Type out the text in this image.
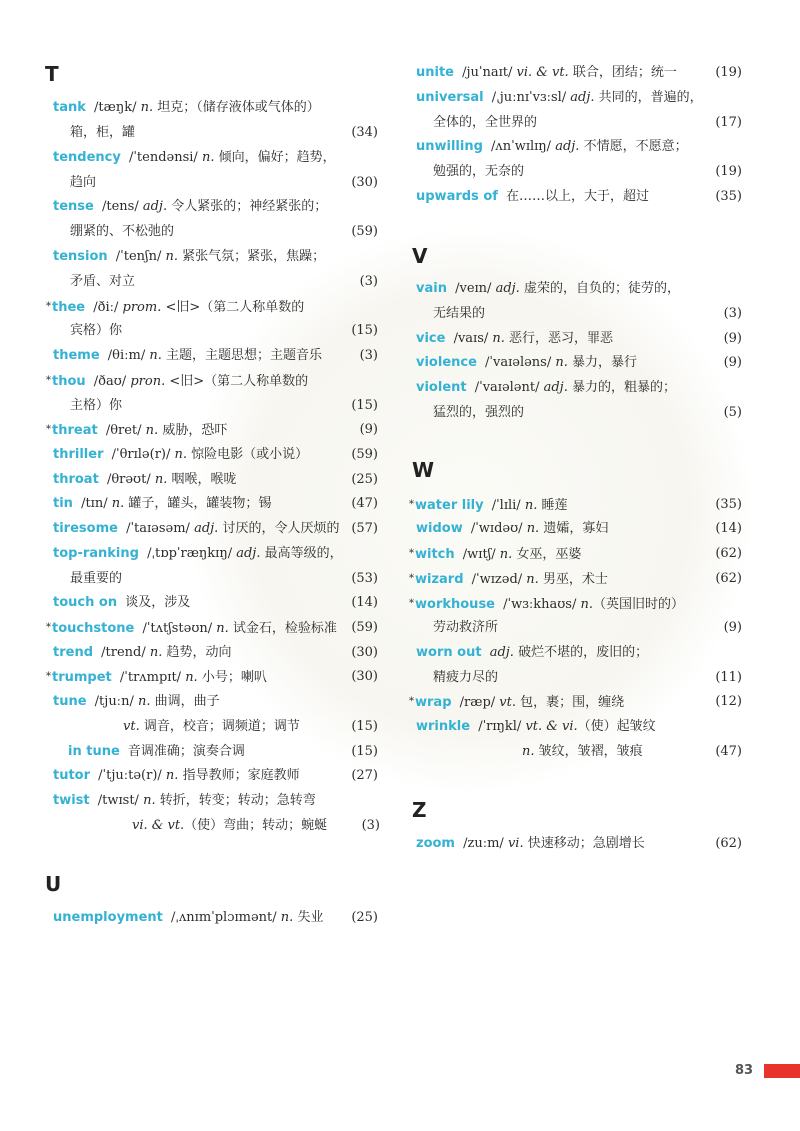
T
U
V
W
Z
tank /tæŋk/ n. 坦克；（储存液体或气体的）
箱，柜，罐	(34)
tendency /ˈtendənsi/ n. 倾向，偏好；趋势，
趋向	(30)
tense /tens/ adj. 令人紧张的；神经紧张的；
绷紧的、不松弛的	(59)
tension /ˈtenʃn/ n. 紧张气氛；紧张，焦躁；
矛盾、对立	(3)
*thee /ðiː/ prom. <旧>（第二人称单数的
宾格）你	(15)
theme /θiːm/ n. 主题，主题思想；主题音乐	(3)
*thou /ðaʊ/ pron. <旧>（第二人称单数的
主格）你	(15)
*threat /θret/ n. 威胁，恐吓	(9)
thriller /ˈθrɪlə(r)/ n. 惊险电影（或小说）	(59)
throat /θrəʊt/ n. 咽喉，喉咙	(25)
tin /tɪn/ n. 罐子，罐头，罐装物；锡	(47)
tiresome /ˈtaɪəsəm/ adj. 讨厌的，令人厌烦的 (57)
top-ranking /ˌtɒpˈræŋkɪŋ/ adj. 最高等级的，
最重要的	(53)
touch on 谈及，涉及	(14)
*touchstone /ˈtʌtʃstəʊn/ n. 试金石，检验标准	(59)
trend /trend/ n. 趋势，动向	(30)
*trumpet /ˈtrʌmpɪt/ n. 小号；喇叭	(30)
tune /tjuːn/ n. 曲调，曲子
vt. 调音，校音；调频道；调节	(15)
in tune 音调准确；演奏合调	(15)
tutor /ˈtjuːtə(r)/ n. 指导教师；家庭教师	(27)
twist /twɪst/ n. 转折，转变；转动；急转弯
vi. & vt.（使）弯曲；转动；蜿蜒	(3)
unemployment /ˌʌnɪmˈplɔɪmənt/ n. 失业	(25)
unite /juˈnaɪt/ vi. & vt. 联合，团结；统一	(19)
universal /ˌjuːnɪˈvɜːsl/ adj. 共同的，普遍的，
全体的，全世界的	(17)
unwilling /ʌnˈwɪlɪŋ/ adj. 不情愿，不愿意；
勉强的，无奈的	(19)
upwards of 在……以上，大于，超过	(35)
vain /veɪn/ adj. 虚荣的，自负的；徒劳的，
无结果的	(3)
vice /vaɪs/ n. 恶行，恶习，罪恶	(9)
violence /ˈvaɪələns/ n. 暴力，暴行	(9)
violent /ˈvaɪələnt/ adj. 暴力的，粗暴的；
猛烈的，强烈的	(5)
*water lily /ˈlɪli/ n. 睡莲	(35)
widow /ˈwɪdəʊ/ n. 遗孀，寡妇	(14)
*witch /wɪtʃ/ n. 女巫，巫婆	(62)
*wizard /ˈwɪzəd/ n. 男巫，术士	(62)
*workhouse /ˈwɜːkhaʊs/ n.（英国旧时的）
劳动救济所	(9)
worn out adj. 破烂不堪的，废旧的；
精疲力尽的	(11)
*wrap /ræp/ vt. 包，裹；围，缠绕	(12)
wrinkle /ˈrɪŋkl/ vt. & vi.（使）起皱纹
n. 皱纹，皱褶，皱痕	(47)
zoom /zuːm/ vi. 快速移动；急剧增长	(62)
83
